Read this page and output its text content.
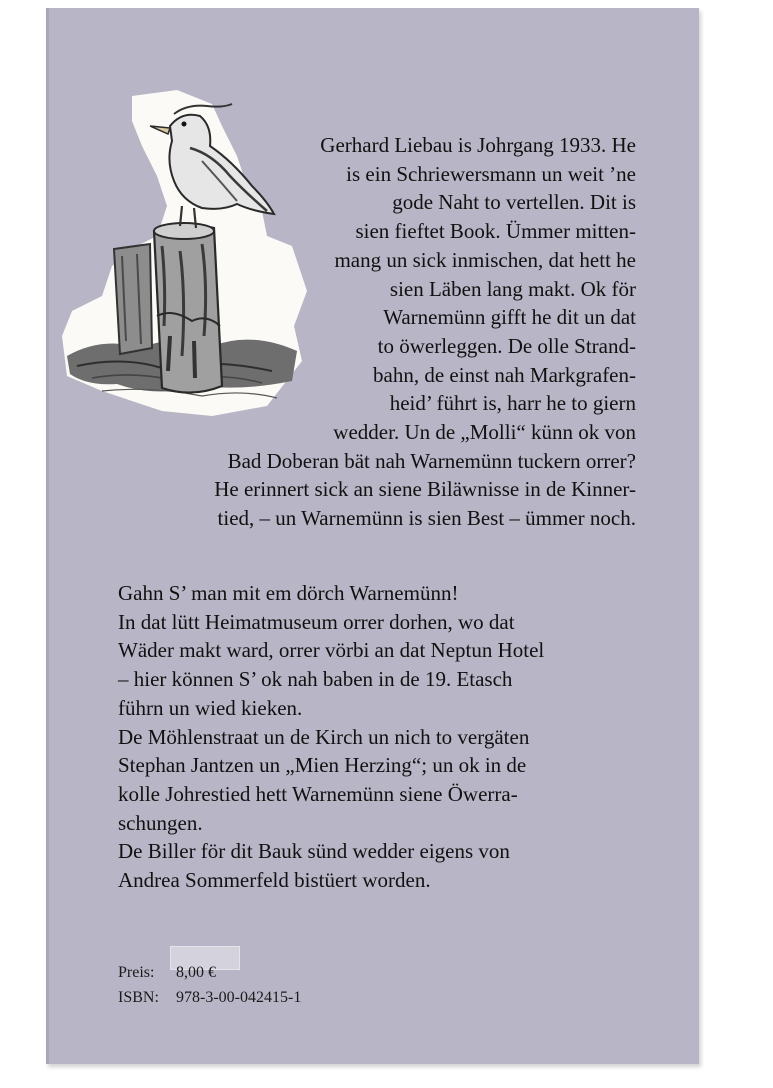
Gerhard Liebau is Johrgang 1933. He
is ein Schriewersmann un weit ’ne
gode Naht to vertellen. Dit is
sien fieftet Book. Ümmer mitten-
mang un sick inmischen, dat hett he
sien Läben lang makt. Ok för
Warnemünn gifft he dit un dat
to öwerleggen. De olle Strand-
bahn, de einst nah Markgrafen-
heid’ führt is, harr he to giern
wedder. Un de „Molli“ künn ok von
Bad Doberan bät nah Warnemünn tuckern orrer?
He erinnert sick an siene Biläwnisse in de Kinner-
tied, – un Warnemünn is sien Best – ümmer noch.
Gahn S’ man mit em dörch Warnemünn!
In dat lütt Heimatmuseum orrer dorhen, wo dat
Wäder makt ward, orrer vörbi an dat Neptun Hotel
– hier können S’ ok nah baben in de 19. Etasch
führn un wied kieken.
De Möhlenstraat un de Kirch un nich to vergäten
Stephan Jantzen un „Mien Herzing“; un ok in de
kolle Johrestied hett Warnemünn siene Öwerra-
schungen.
De Biller för dit Bauk sünd wedder eigens von
Andrea Sommerfeld bistüert worden.
Preis: 8,00 €
ISBN: 978-3-00-042415-1
